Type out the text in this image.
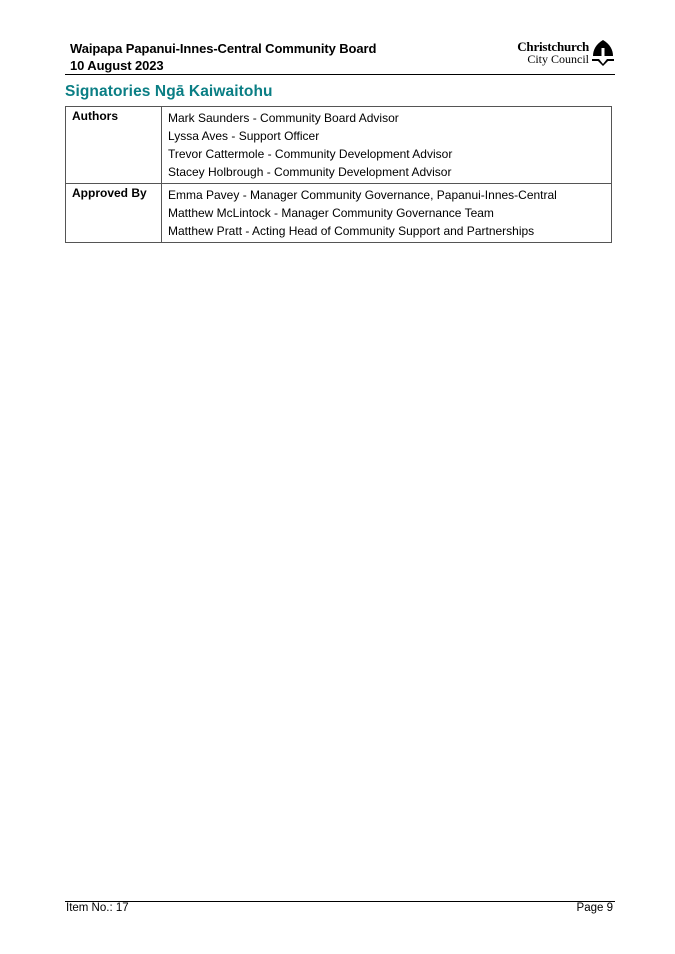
Waipapa Papanui-Innes-Central Community Board
10 August 2023
Christchurch
City Council
Signatories Ngā Kaiwaitohu
Authors	Mark Saunders - Community Board Advisor
Lyssa Aves - Support Officer
Trevor Cattermole - Community Development Advisor
Stacey Holbrough - Community Development Advisor

Approved By	Emma Pavey - Manager Community Governance, Papanui-Innes-Central
Matthew McLintock - Manager Community Governance Team
Matthew Pratt - Acting Head of Community Support and Partnerships
Item No.: 17	Page 9
